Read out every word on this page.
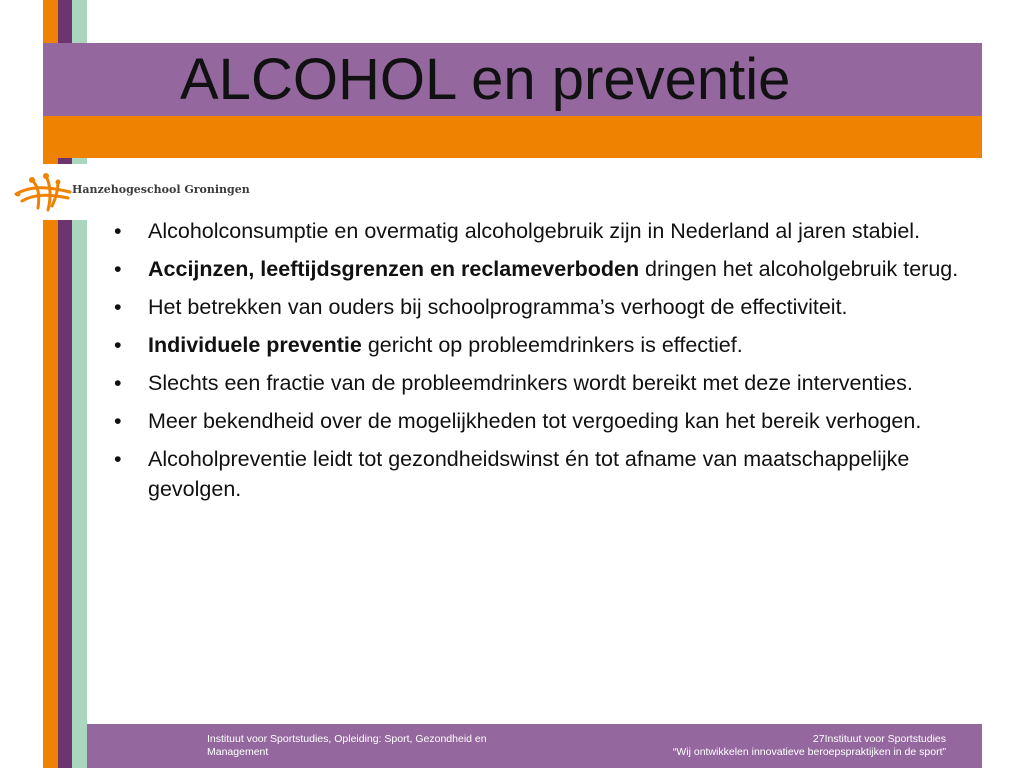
ALCOHOL en preventie
Hanzehogeschool Groningen
• Alcoholconsumptie en overmatig alcoholgebruik zijn in Nederland al jaren stabiel.
• Accijnzen, leeftijdsgrenzen en reclameverboden dringen het alcoholgebruik terug.
• Het betrekken van ouders bij schoolprogramma’s verhoogt de effectiviteit.
• Individuele preventie gericht op probleemdrinkers is effectief.
• Slechts een fractie van de probleemdrinkers wordt bereikt met deze interventies.
• Meer bekendheid over de mogelijkheden tot vergoeding kan het bereik verhogen.
• Alcoholpreventie leidt tot gezondheidswinst én tot afname van maatschappelijke gevolgen.
Instituut voor Sportstudies, Opleiding: Sport, Gezondheid en Management
27Instituut voor Sportstudies
“Wij ontwikkelen innovatieve beroepspraktijken in de sport”
